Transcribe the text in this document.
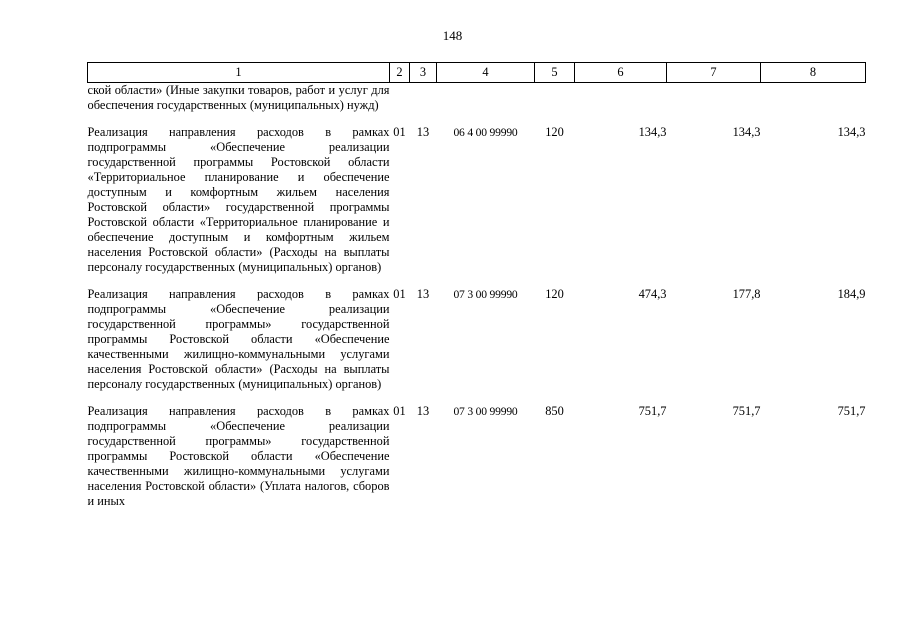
148
1	2	3	4	5	6	7	8
ской области» (Иные закупки товаров, работ и услуг для обеспечения государственных (муниципальных) нужд)							

Реализация направления расходов в рамках подпрограммы «Обеспечение реализации государственной программы Ростовской области «Территориальное планирование и обеспечение доступным и комфортным жильем населения Ростовской области» государственной программы Ростовской области «Территориальное планирование и обеспечение доступным и комфортным жильем населения Ростовской области» (Расходы на выплаты персоналу государственных (муниципальных) органов)	01	13	06 4 00 99990	120	134,3	134,3	134,3

Реализация направления расходов в рамках подпрограммы «Обеспечение реализации государственной программы» государственной программы Ростовской области «Обеспечение качественными жилищно-коммунальными услугами населения Ростовской области» (Расходы на выплаты персоналу государственных (муниципальных) органов)	01	13	07 3 00 99990	120	474,3	177,8	184,9

Реализация направления расходов в рамках подпрограммы «Обеспечение реализации государственной программы» государственной программы Ростовской области «Обеспечение качественными жилищно-коммунальными услугами населения Ростовской области» (Уплата налогов, сборов и иных	01	13	07 3 00 99990	850	751,7	751,7	751,7
